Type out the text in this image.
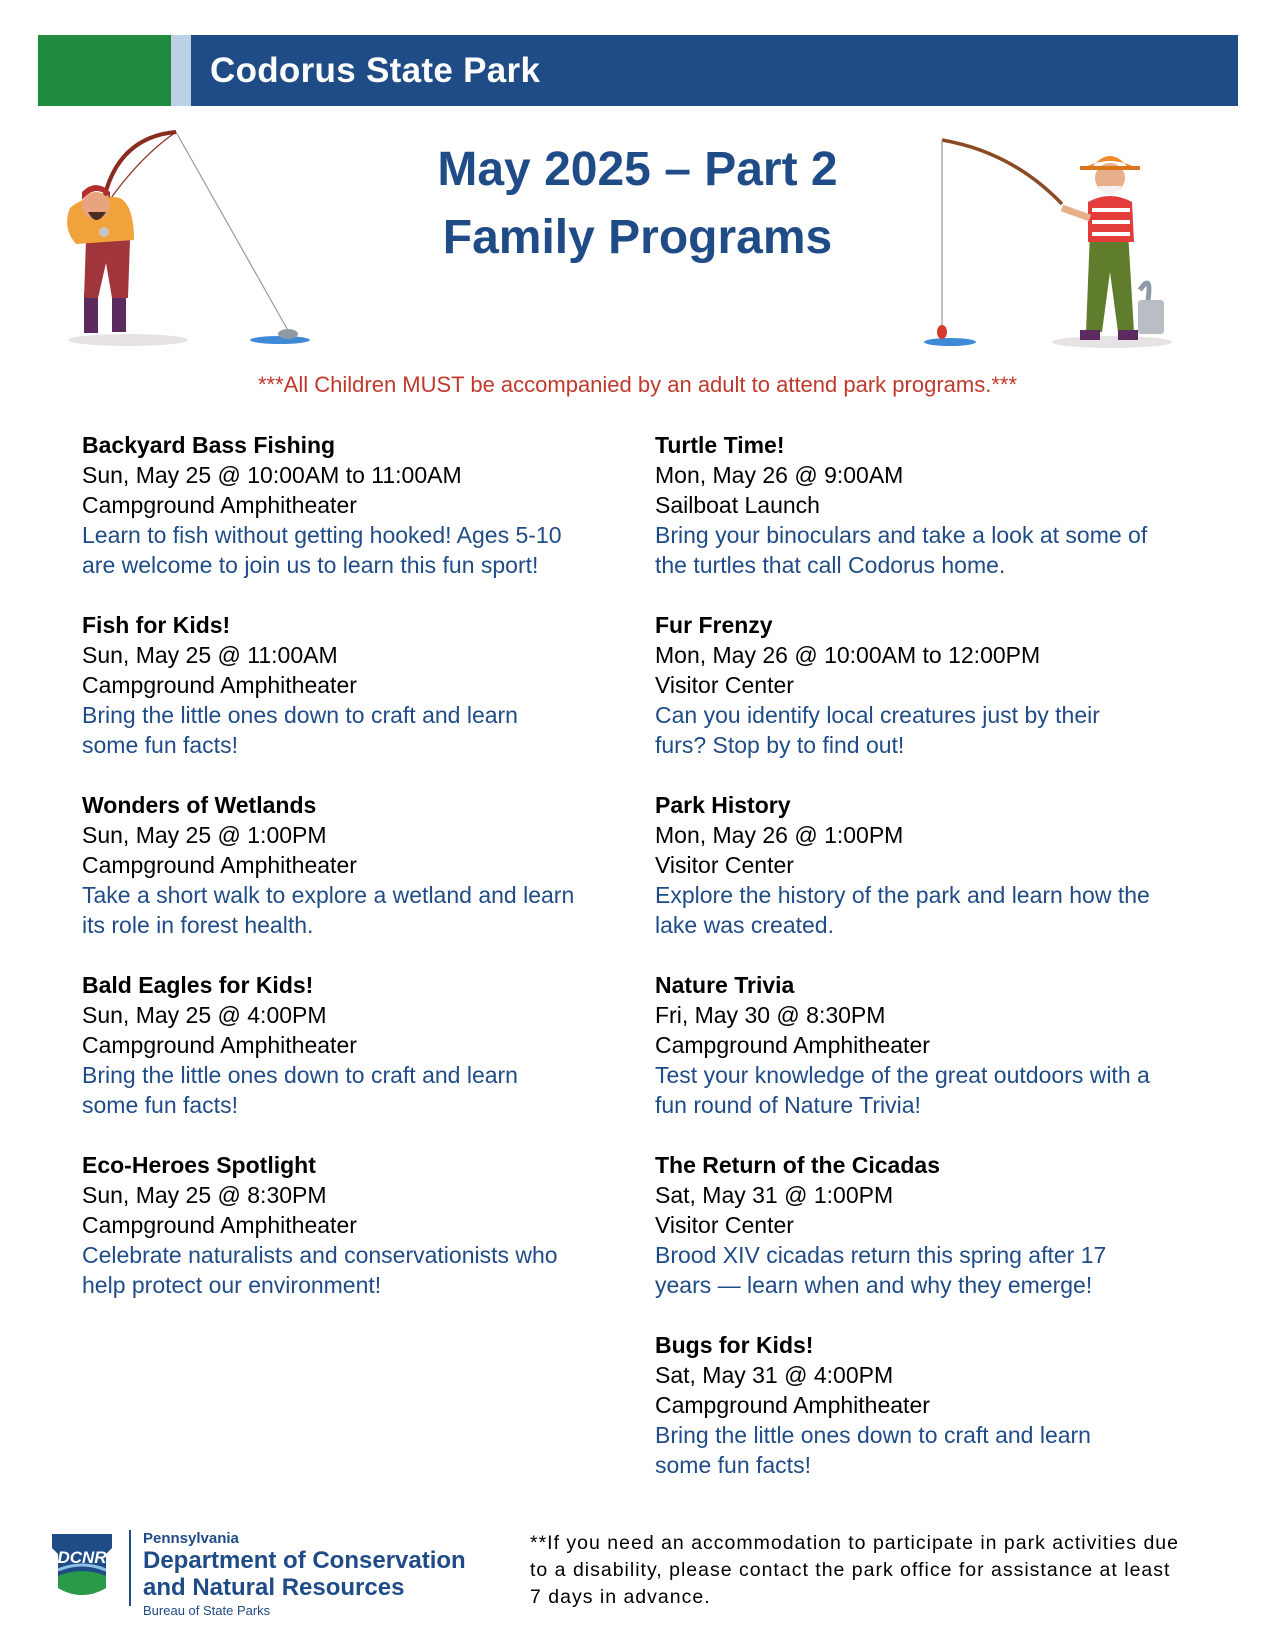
Codorus State Park
May 2025 – Part 2
Family Programs
***All Children MUST be accompanied by an adult to attend park programs.***
Backyard Bass Fishing
Sun, May 25 @ 10:00AM to 11:00AM
Campground Amphitheater
Learn to fish without getting hooked! Ages 5-10
are welcome to join us to learn this fun sport!
Fish for Kids!
Sun, May 25 @ 11:00AM
Campground Amphitheater
Bring the little ones down to craft and learn
some fun facts!
Wonders of Wetlands
Sun, May 25 @ 1:00PM
Campground Amphitheater
Take a short walk to explore a wetland and learn
its role in forest health.
Bald Eagles for Kids!
Sun, May 25 @ 4:00PM
Campground Amphitheater
Bring the little ones down to craft and learn
some fun facts!
Eco-Heroes Spotlight
Sun, May 25 @ 8:30PM
Campground Amphitheater
Celebrate naturalists and conservationists who
help protect our environment!
Turtle Time!
Mon, May 26 @ 9:00AM
Sailboat Launch
Bring your binoculars and take a look at some of
the turtles that call Codorus home.
Fur Frenzy
Mon, May 26 @ 10:00AM to 12:00PM
Visitor Center
Can you identify local creatures just by their
furs? Stop by to find out!
Park History
Mon, May 26 @ 1:00PM
Visitor Center
Explore the history of the park and learn how the
lake was created.
Nature Trivia
Fri, May 30 @ 8:30PM
Campground Amphitheater
Test your knowledge of the great outdoors with a
fun round of Nature Trivia!
The Return of the Cicadas
Sat, May 31 @ 1:00PM
Visitor Center
Brood XIV cicadas return this spring after 17
years — learn when and why they emerge!
Bugs for Kids!
Sat, May 31 @ 4:00PM
Campground Amphitheater
Bring the little ones down to craft and learn
some fun facts!
DCNR
Pennsylvania
Department of Conservation
and Natural Resources
Bureau of State Parks
**If you need an accommodation to participate in park activities due
to a disability, please contact the park office for assistance at least
7 days in advance.
